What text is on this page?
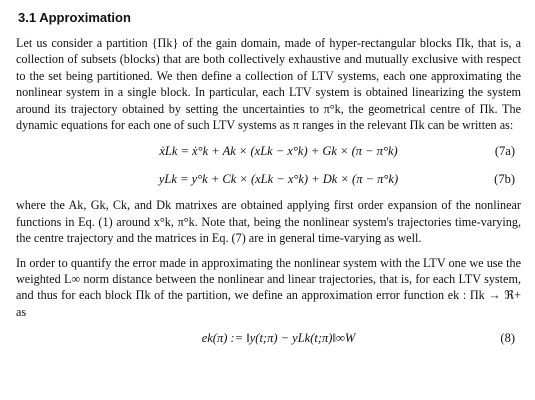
3.1 Approximation

Let us consider a partition {Πk} of the gain domain, made of hyper-rectangular blocks Πk, that is, a collection of subsets (blocks) that are both collectively exhaustive and mutually exclusive with respect to the set being partitioned. We then define a collection of LTV systems, each one approximating the nonlinear system in a single block. In particular, each LTV system is obtained linearizing the system around its trajectory obtained by setting the uncertainties to π°k, the geometrical centre of Πk. The dynamic equations for each one of such LTV systems as π ranges in the relevant Πk can be written as:

ẋLk = ẋ°k + Ak × (xLk − x°k) + Gk × (π − π°k)	(7a)
yLk = y°k + Ck × (xLk − x°k) + Dk × (π − π°k)	(7b)

where the Ak, Gk, Ck, and Dk matrixes are obtained applying first order expansion of the nonlinear functions in Eq. (1) around x°k, π°k. Note that, being the nonlinear system's trajectories time-varying, the centre trajectory and the matrices in Eq. (7) are in general time-varying as well.

In order to quantify the error made in approximating the nonlinear system with the LTV one we use the weighted L∞ norm distance between the nonlinear and linear trajectories, that is, for each LTV system, and thus for each block Πk of the partition, we define an approximation error function ek : Πk → ℜ+ as

ek(π) := ‖y(t;π) − yLk(t;π)‖∞W	(8)
